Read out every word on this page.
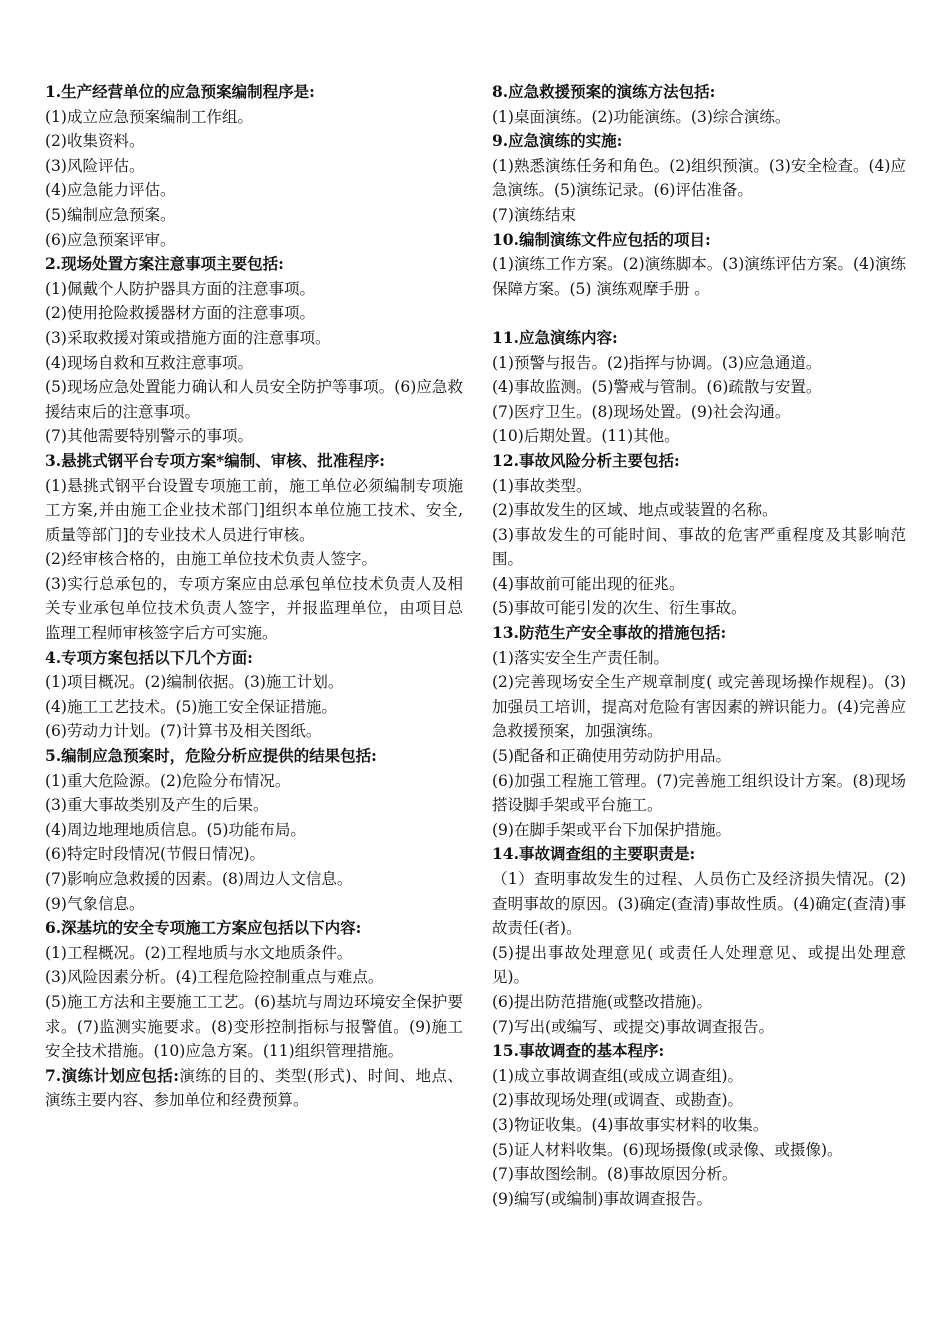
1.生产经营单位的应急预案编制程序是:

(1)成立应急预案编制工作组。

(2)收集资料。

(3)风险评估。

(4)应急能力评估。

(5)编制应急预案。

(6)应急预案评审。

2.现场处置方案注意事项主要包括:

(1)佩戴个人防护器具方面的注意事项。

(2)使用抢险救援器材方面的注意事项。

(3)采取救援对策或措施方面的注意事项。

(4)现场自救和互救注意事项。

(5)现场应急处置能力确认和人员安全防护等事项。(6)应急救援结束后的注意事项。

(7)其他需要特别警示的事项。

3.悬挑式钢平台专项方案*编制、审核、批准程序:

(1)悬挑式钢平台设置专项施工前，施工单位必须编制专项施工方案,并由施工企业技术部门]组织本单位施工技术、安全,质量等部门]的专业技术人员进行审核。

(2)经审核合格的，由施工单位技术负责人签字。

(3)实行总承包的，专项方案应由总承包单位技术负责人及相关专业承包单位技术负责人签字，并报监理单位，由项目总监理工程师审核签字后方可实施。

4.专项方案包括以下几个方面:

(1)项目概况。(2)编制依据。(3)施工计划。

(4)施工工艺技术。(5)施工安全保证措施。

(6)劳动力计划。(7)计算书及相关图纸。

5.编制应急预案时，危险分析应提供的结果包括:

(1)重大危险源。(2)危险分布情况。

(3)重大事故类别及产生的后果。

(4)周边地理地质信息。(5)功能布局。

(6)特定时段情况(节假日情况)。

(7)影响应急救援的因素。(8)周边人文信息。

(9)气象信息。

6.深基坑的安全专项施工方案应包括以下内容:

(1)工程概况。(2)工程地质与水文地质条件。

(3)风险因素分析。(4)工程危险控制重点与难点。

(5)施工方法和主要施工工艺。(6)基坑与周边环境安全保护要求。(7)监测实施要求。(8)变形控制指标与报警值。(9)施工安全技术措施。(10)应急方案。(11)组织管理措施。

7.演练计划应包括:演练的目的、类型(形式)、时间、地点、演练主要内容、参加单位和经费预算。

8.应急救援预案的演练方法包括:

(1)桌面演练。(2)功能演练。(3)综合演练。

9.应急演练的实施:

(1)熟悉演练任务和角色。(2)组织预演。(3)安全检查。(4)应急演练。(5)演练记录。(6)评估准备。

(7)演练结束

10.编制演练文件应包括的项目:

(1)演练工作方案。(2)演练脚本。(3)演练评估方案。(4)演练保障方案。(5) 演练观摩手册 。

11.应急演练内容:

(1)预警与报告。(2)指挥与协调。(3)应急通道。

(4)事故监测。(5)警戒与管制。(6)疏散与安置。

(7)医疗卫生。(8)现场处置。(9)社会沟通。

(10)后期处置。(11)其他。

12.事故风险分析主要包括:

(1)事故类型。

(2)事故发生的区域、地点或装置的名称。

(3)事故发生的可能时间、事故的危害严重程度及其影响范围。

(4)事故前可能出现的征兆。

(5)事故可能引发的次生、衍生事故。

13.防范生产安全事故的措施包括:

(1)落实安全生产责任制。

(2)完善现场安全生产规章制度( 或完善现场操作规程)。(3)加强员工培训，提高对危险有害因素的辨识能力。(4)完善应急救援预案，加强演练。

(5)配备和正确使用劳动防护用品。

(6)加强工程施工管理。(7)完善施工组织设计方案。(8)现场搭设脚手架或平台施工。

(9)在脚手架或平台下加保护措施。

14.事故调查组的主要职责是:

（1）查明事故发生的过程、人员伤亡及经济损失情况。(2)查明事故的原因。(3)确定(查清)事故性质。(4)确定(查清)事故责任(者)。

(5)提出事故处理意见( 或责任人处理意见、或提出处理意见)。

(6)提出防范措施(或整改措施)。

(7)写出(或编写、或提交)事故调查报告。

15.事故调查的基本程序:

(1)成立事故调查组(或成立调查组)。

(2)事故现场处理(或调查、或勘查)。

(3)物证收集。(4)事故事实材料的收集。

(5)证人材料收集。(6)现场摄像(或录像、或摄像)。

(7)事故图绘制。(8)事故原因分析。

(9)编写(或编制)事故调查报告。
